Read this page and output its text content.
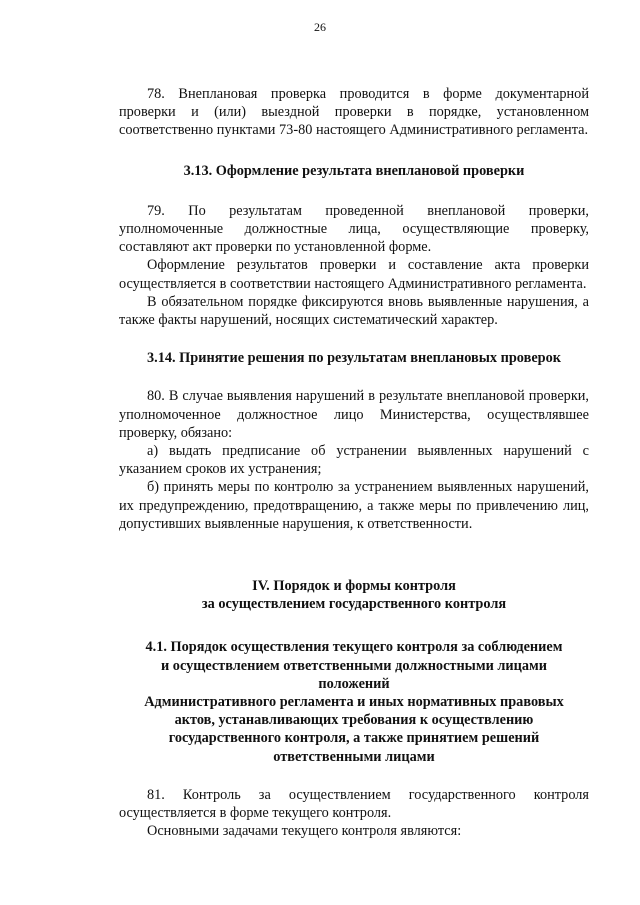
26

78. Внеплановая проверка проводится в форме документарной проверки и (или) выездной проверки в порядке, установленном соответственно пунктами 73-80 настоящего Административного регламента.

3.13. Оформление результата внеплановой проверки

79. По результатам проведенной внеплановой проверки, уполномоченные должностные лица, осуществляющие проверку, составляют акт проверки по установленной форме.

Оформление результатов проверки и составление акта проверки осуществляется в соответствии настоящего Административного регламента.

В обязательном порядке фиксируются вновь выявленные нарушения, а также факты нарушений, носящих систематический характер.

3.14. Принятие решения по результатам внеплановых проверок

80. В случае выявления нарушений в результате внеплановой проверки, уполномоченное должностное лицо Министерства, осуществлявшее проверку, обязано:

а) выдать предписание об устранении выявленных нарушений с указанием сроков их устранения;

б) принять меры по контролю за устранением выявленных нарушений, их предупреждению, предотвращению, а также меры по привлечению лиц, допустивших выявленные нарушения, к ответственности.

IV. Порядок и формы контроля
за осуществлением государственного контроля
4.1. Порядок осуществления текущего контроля за соблюдением
и осуществлением ответственными должностными лицами
положений
Административного регламента и иных нормативных правовых
актов, устанавливающих требования к осуществлению
государственного контроля, а также принятием решений
ответственными лицами

81. Контроль за осуществлением государственного контроля осуществляется в форме текущего контроля.

Основными задачами текущего контроля являются:
